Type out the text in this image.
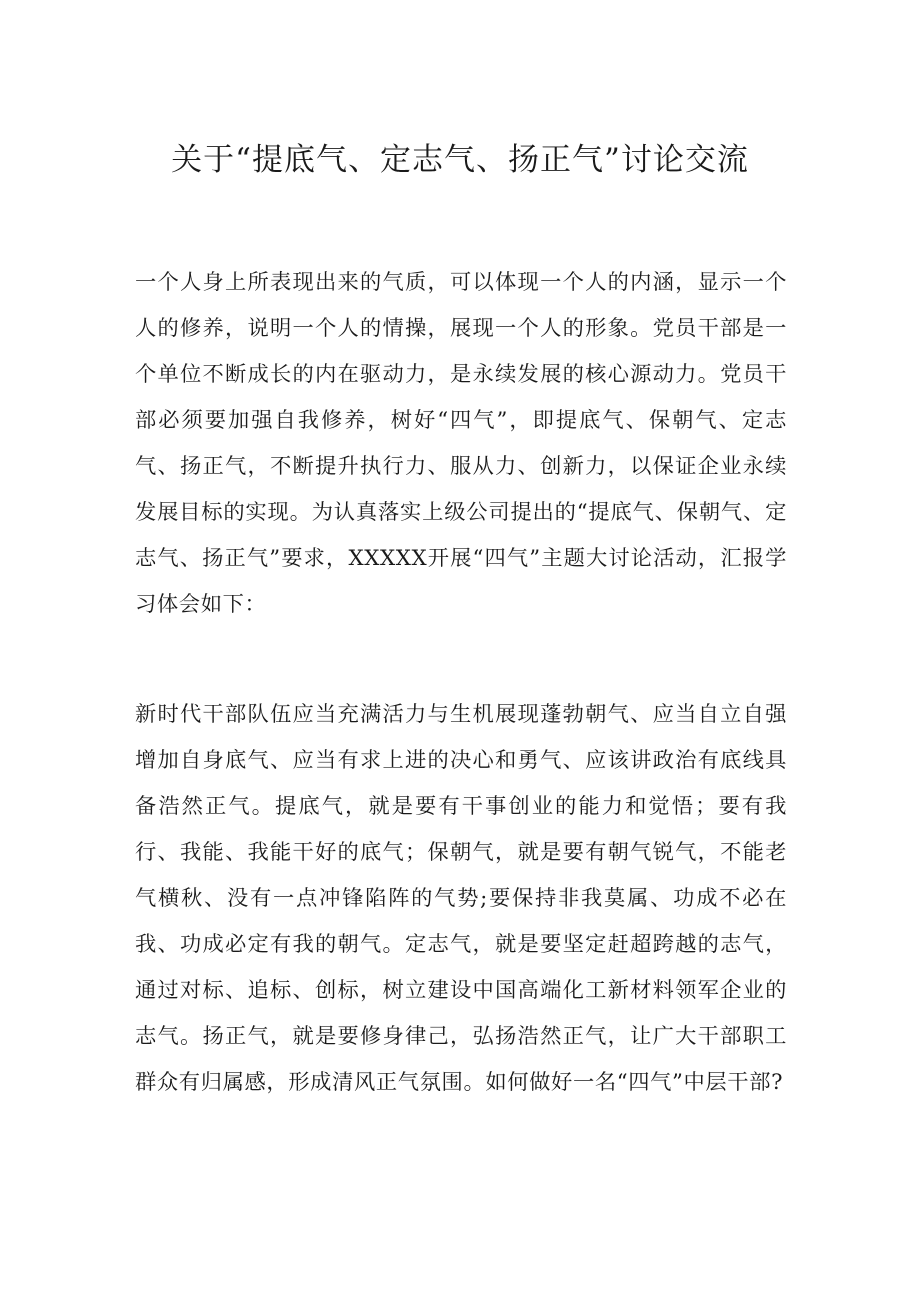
关于“提底气、定志气、扬正气”讨论交流

一个人身上所表现出来的气质，可以体现一个人的内涵，显示一个人的修养，说明一个人的情操，展现一个人的形象。党员干部是一个单位不断成长的内在驱动力，是永续发展的核心源动力。党员干部必须要加强自我修养，树好“四气”，即提底气、保朝气、定志气、扬正气，不断提升执行力、服从力、创新力，以保证企业永续发展目标的实现。为认真落实上级公司提出的“提底气、保朝气、定志气、扬正气”要求，XXXXX开展“四气”主题大讨论活动，汇报学习体会如下：

新时代干部队伍应当充满活力与生机展现蓬勃朝气、应当自立自强增加自身底气、应当有求上进的决心和勇气、应该讲政治有底线具备浩然正气。提底气，就是要有干事创业的能力和觉悟；要有我行、我能、我能干好的底气；保朝气，就是要有朝气锐气，不能老气横秋、没有一点冲锋陷阵的气势;要保持非我莫属、功成不必在我、功成必定有我的朝气。定志气，就是要坚定赶超跨越的志气，通过对标、追标、创标，树立建设中国高端化工新材料领军企业的志气。扬正气，就是要修身律己，弘扬浩然正气，让广大干部职工群众有归属感，形成清风正气氛围。如何做好一名“四气”中层干部?
